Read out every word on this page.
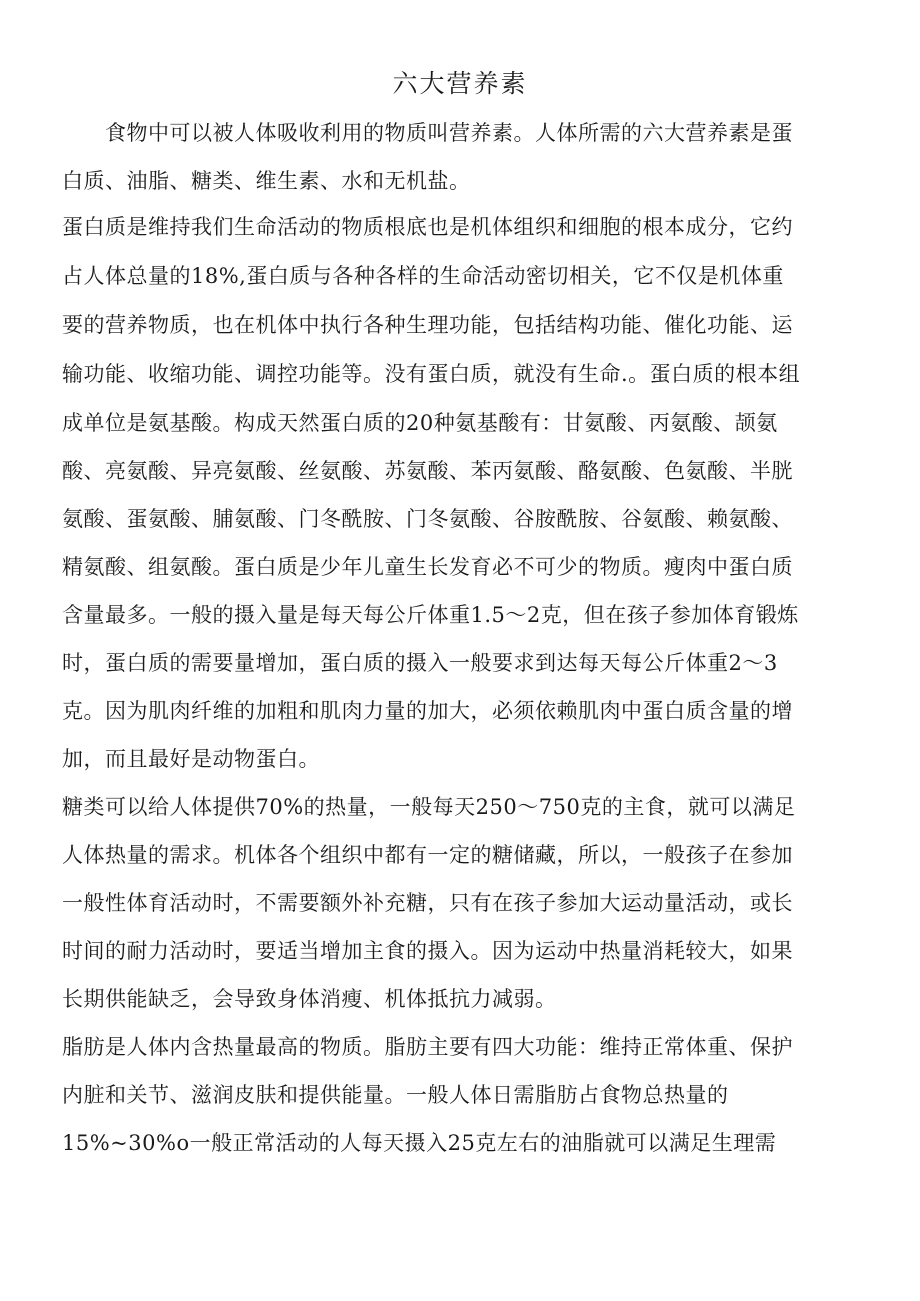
六大营养素
　　食物中可以被人体吸收利用的物质叫营养素。人体所需的六大营养素是蛋
白质、油脂、糖类、维生素、水和无机盐。
蛋白质是维持我们生命活动的物质根底也是机体组织和细胞的根本成分，它约
占人体总量的18%,蛋白质与各种各样的生命活动密切相关，它不仅是机体重
要的营养物质，也在机体中执行各种生理功能，包括结构功能、催化功能、运
输功能、收缩功能、调控功能等。没有蛋白质，就没有生命.。蛋白质的根本组
成单位是氨基酸。构成天然蛋白质的20种氨基酸有：甘氨酸、丙氨酸、颉氨
酸、亮氨酸、异亮氨酸、丝氨酸、苏氨酸、苯丙氨酸、酪氨酸、色氨酸、半胱
氨酸、蛋氨酸、脯氨酸、门冬酰胺、门冬氨酸、谷胺酰胺、谷氨酸、赖氨酸、
精氨酸、组氨酸。蛋白质是少年儿童生长发育必不可少的物质。瘦肉中蛋白质
含量最多。一般的摄入量是每天每公斤体重1.5〜2克，但在孩子参加体育锻炼
时，蛋白质的需要量增加，蛋白质的摄入一般要求到达每天每公斤体重2〜3
克。因为肌肉纤维的加粗和肌肉力量的加大，必须依赖肌肉中蛋白质含量的增
加，而且最好是动物蛋白。
糖类可以给人体提供70%的热量，一般每天250〜750克的主食，就可以满足
人体热量的需求。机体各个组织中都有一定的糖储藏，所以，一般孩子在参加
一般性体育活动时，不需要额外补充糖，只有在孩子参加大运动量活动，或长
时间的耐力活动时，要适当增加主食的摄入。因为运动中热量消耗较大，如果
长期供能缺乏，会导致身体消瘦、机体抵抗力减弱。
脂肪是人体内含热量最高的物质。脂肪主要有四大功能：维持正常体重、保护
内脏和关节、滋润皮肤和提供能量。一般人体日需脂肪占食物总热量的
15%~30%o一般正常活动的人每天摄入25克左右的油脂就可以满足生理需
